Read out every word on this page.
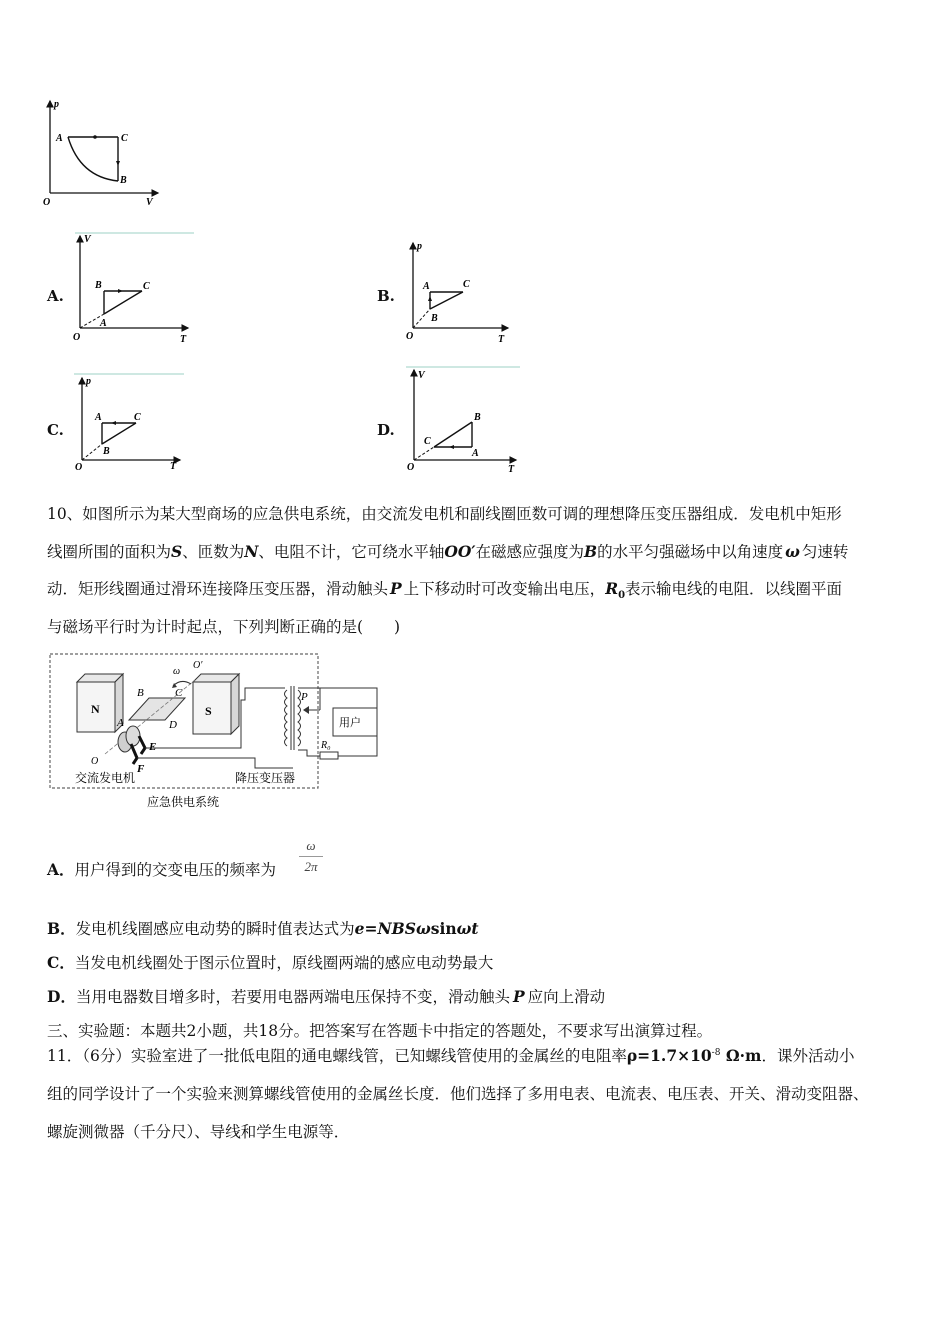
p
A
B
C
O	V
A.
V
A
B	C
O	T
B.
p
A
B
C
O	T
C.
p
A
B
C
O	T
D.
V
A
B
C
O	T
10、如图所示为某大型商场的应急供电系统，由交流发电机和副线圈匝数可调的理想降压变压器组成．发电机中矩形
线圈所围的面积为S、匝数为N、电阻不计，它可绕水平轴OO′在磁感应强度为B的水平匀强磁场中以角速度 ω 匀速转
动．矩形线圈通过滑环连接降压变压器，滑动触头 P 上下移动时可改变输出电压，$R_0$表示输电线的电阻．以线圈平面
与磁场平行时为计时起点，下列判断正确的是(　　)
N	S
B	C
A	D
E
F
O
O′
ω
P
R₀
用户
交流发电机	降压变压器
应急供电系统
A．用户得到的交变电压的频率为 $\frac{\omega}{2\pi}$
B．发电机线圈感应电动势的瞬时值表达式为e=NBSωsinωt
C．当发电机线圈处于图示位置时，原线圈两端的感应电动势最大
D．当用电器数目增多时，若要用电器两端电压保持不变，滑动触头 P 应向上滑动
三、实验题：本题共2小题，共18分。把答案写在答题卡中指定的答题处，不要求写出演算过程。
11．（6分）实验室进了一批低电阻的通电螺线管，已知螺线管使用的金属丝的电阻率$\rho=1.7\times 10^{-8}$ Ω·m．课外活动小
组的同学设计了一个实验来测算螺线管使用的金属丝长度．他们选择了多用电表、电流表、电压表、开关、滑动变阻器、
螺旋测微器（千分尺）、导线和学生电源等．
